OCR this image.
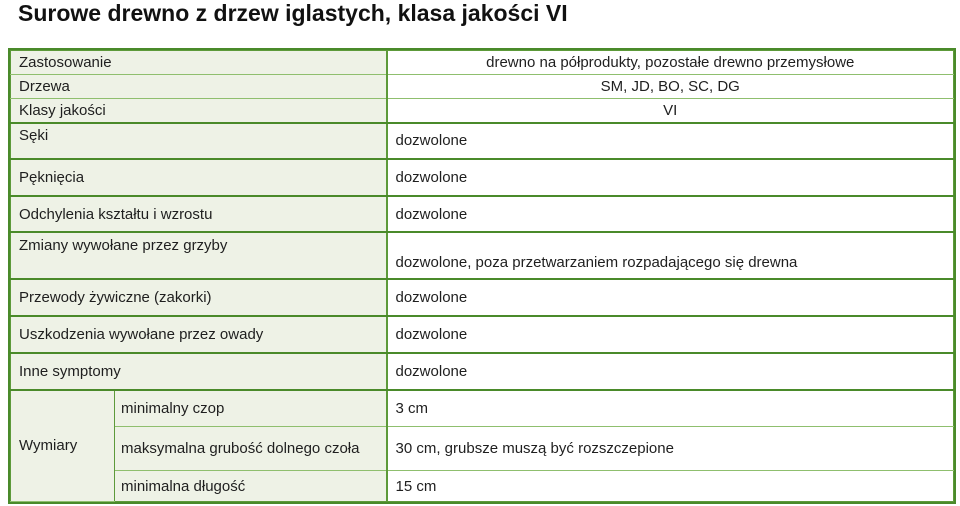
Surowe drewno z drzew iglastych, klasa jakości VI
Zastosowanie		drewno na półprodukty, pozostałe drewno przemysłowe
Drzewa		SM, JD, BO, SC, DG
Klasy jakości		VI
Sęki		dozwolone
Pęknięcia		dozwolone
Odchylenia kształtu i wzrostu		dozwolone
Zmiany wywołane przez grzyby		dozwolone, poza przetwarzaniem rozpadającego się drewna
Przewody żywiczne (zakorki)		dozwolone
Uszkodzenia wywołane przez owady		dozwolone
Inne symptomy		dozwolone
Wymiary	minimalny czop	3 cm
	maksymalna grubość dolnego czoła	30 cm, grubsze muszą być rozszczepione
	minimalna długość	15 cm
